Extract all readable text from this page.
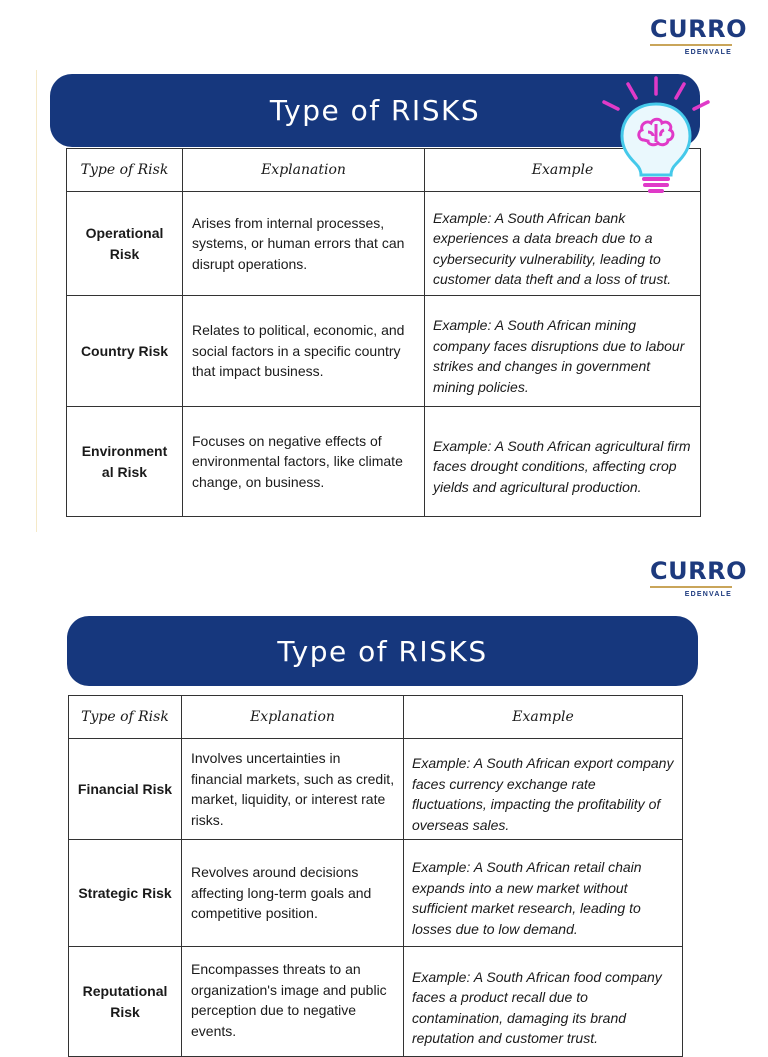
CURRO
EDENVALE
Type of RISKS
Type of Risk	Explanation	Example
Operational Risk	Arises from internal processes, systems, or human errors that can disrupt operations.	Example: A South African bank experiences a data breach due to a cybersecurity vulnerability, leading to customer data theft and a loss of trust.
Country Risk	Relates to political, economic, and social factors in a specific country that impact business.	Example: A South African mining company faces disruptions due to labour strikes and changes in government mining policies.
Environment al Risk	Focuses on negative effects of environmental factors, like climate change, on business.	Example: A South African agricultural firm faces drought conditions, affecting crop yields and agricultural production.
CURRO
EDENVALE
Type of RISKS
Type of Risk	Explanation	Example
Financial Risk	Involves uncertainties in financial markets, such as credit, market, liquidity, or interest rate risks.	Example: A South African export company faces currency exchange rate fluctuations, impacting the profitability of overseas sales.
Strategic Risk	Revolves around decisions affecting long-term goals and competitive position.	Example: A South African retail chain expands into a new market without sufficient market research, leading to losses due to low demand.
Reputational Risk	Encompasses threats to an organization's image and public perception due to negative events.	Example: A South African food company faces a product recall due to contamination, damaging its brand reputation and customer trust.
